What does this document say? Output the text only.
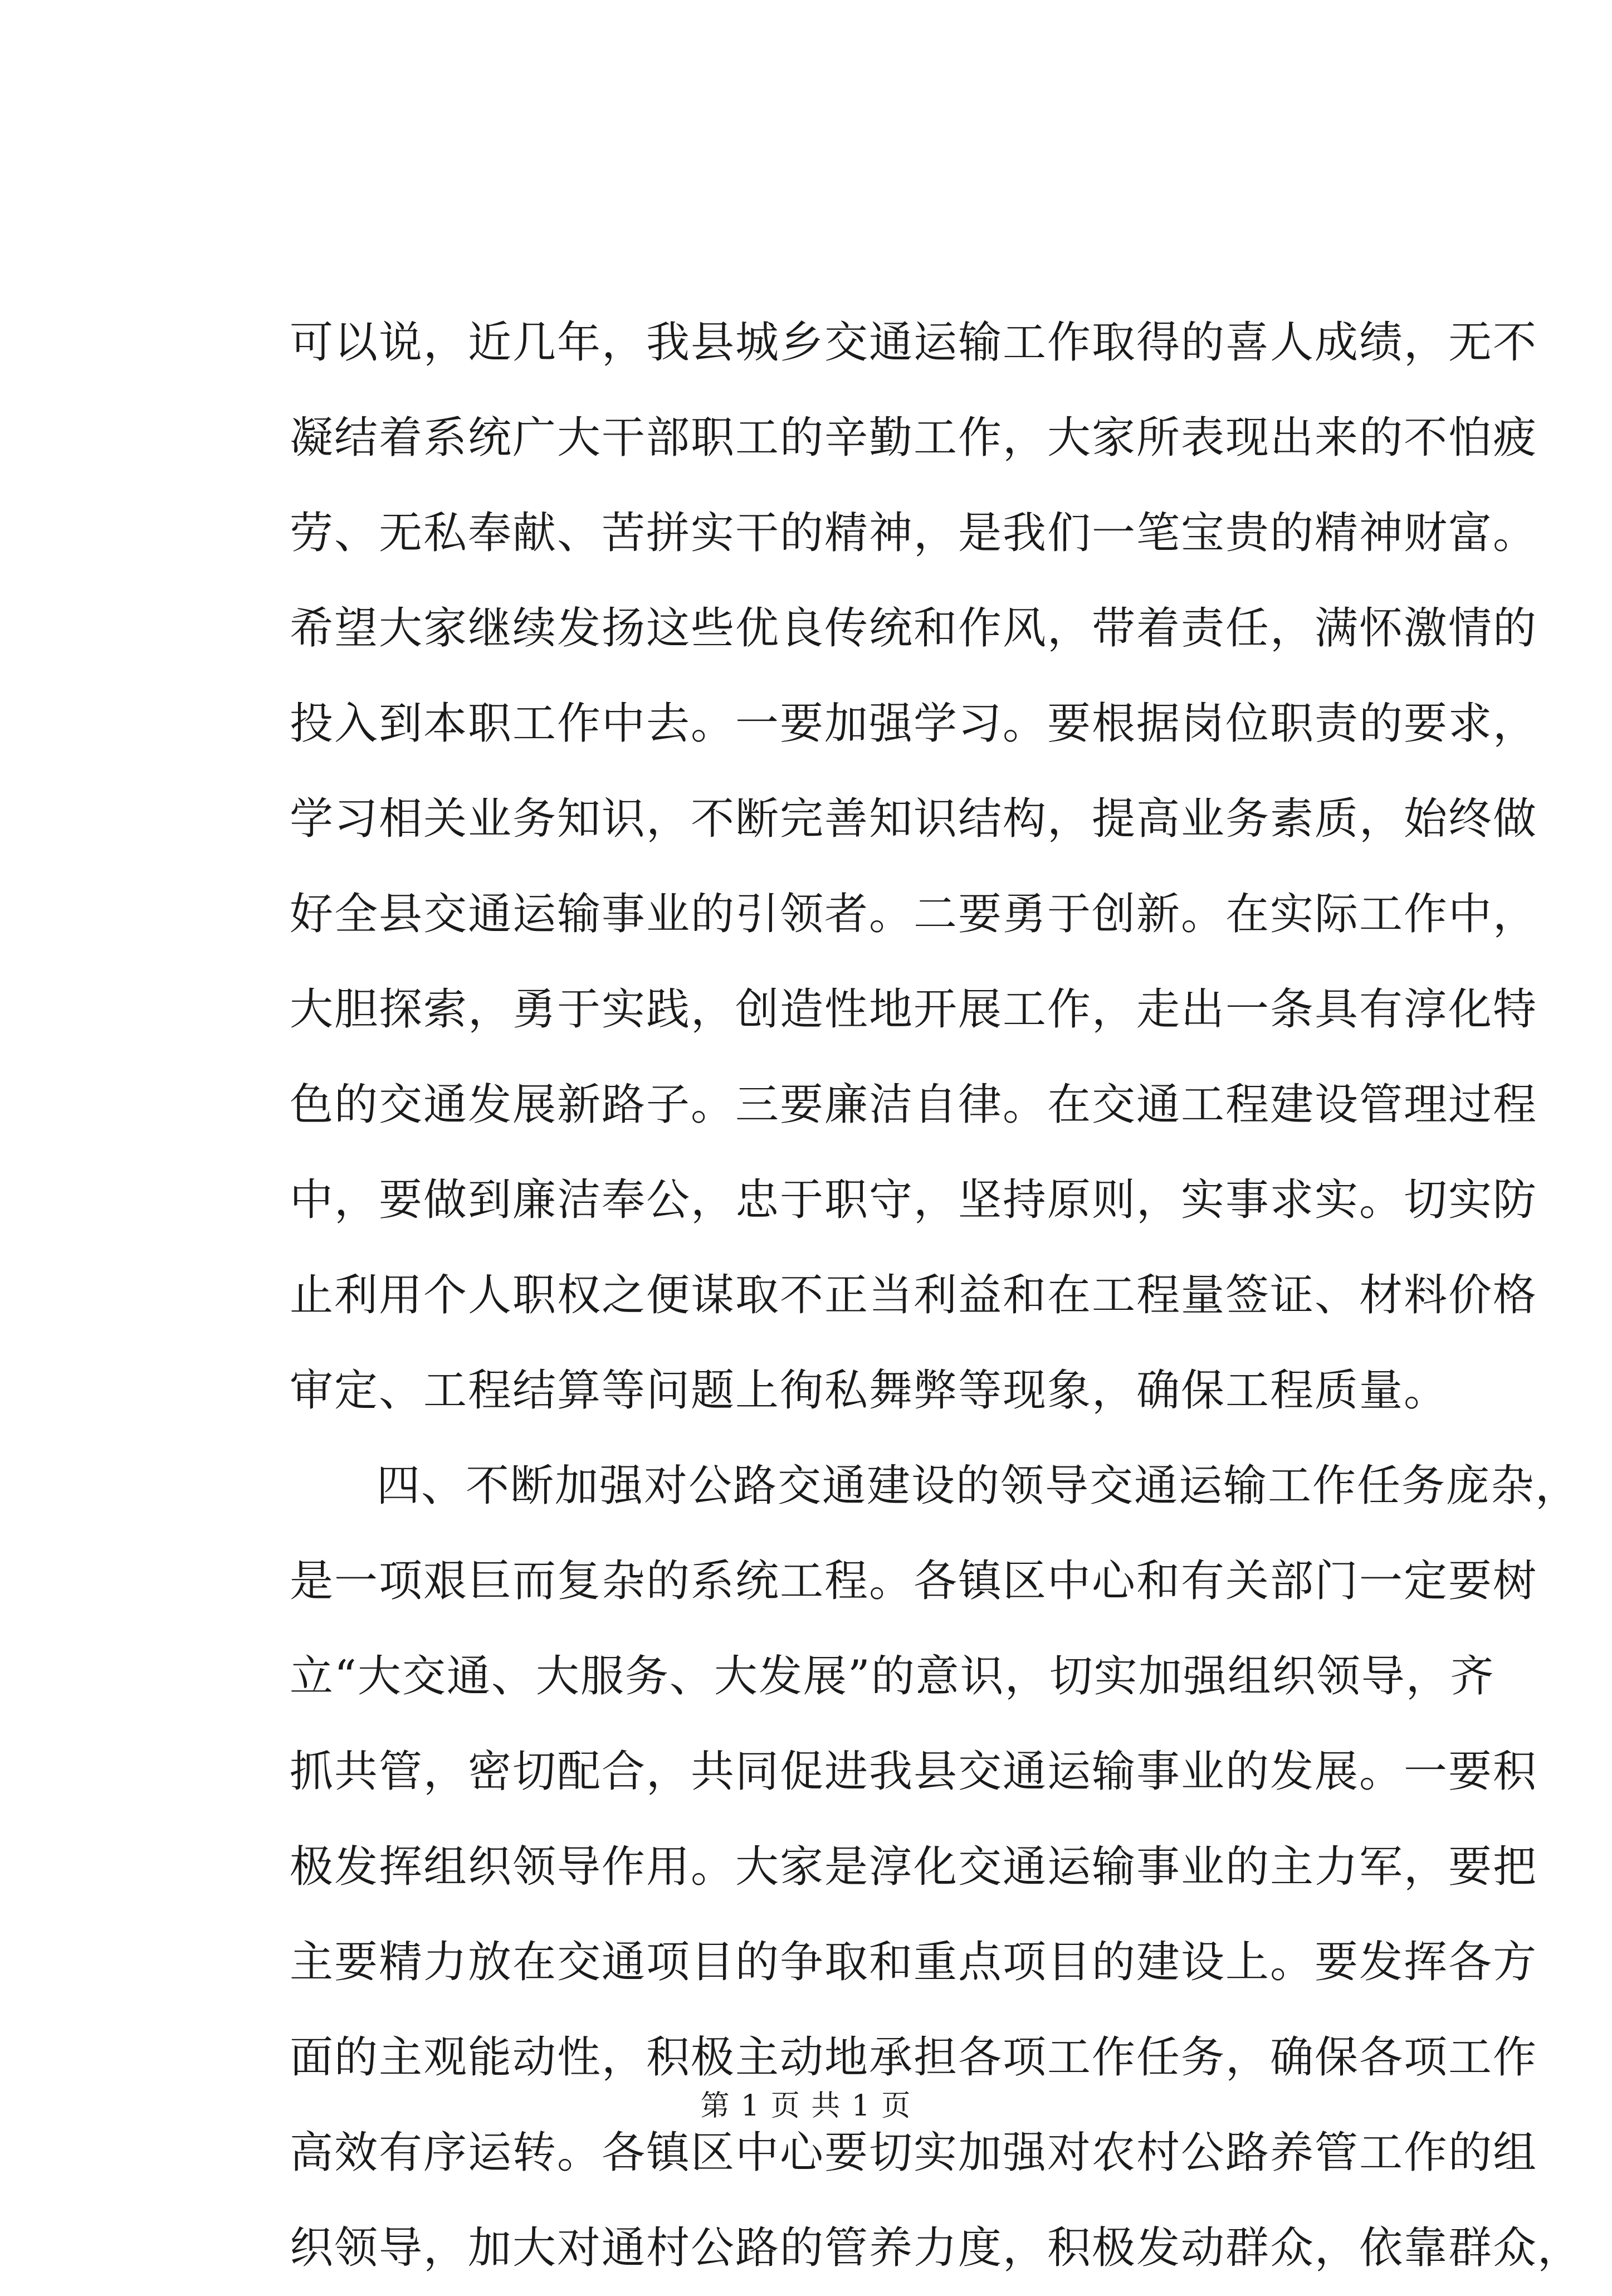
可以说，近几年，我县城乡交通运输工作取得的喜人成绩，无不
凝结着系统广大干部职工的辛勤工作，大家所表现出来的不怕疲
劳、无私奉献、苦拼实干的精神，是我们一笔宝贵的精神财富。
希望大家继续发扬这些优良传统和作风，带着责任，满怀激情的
投入到本职工作中去。一要加强学习。要根据岗位职责的要求，
学习相关业务知识，不断完善知识结构，提高业务素质，始终做
好全县交通运输事业的引领者。二要勇于创新。在实际工作中，
大胆探索，勇于实践，创造性地开展工作，走出一条具有淳化特
色的交通发展新路子。三要廉洁自律。在交通工程建设管理过程
中，要做到廉洁奉公，忠于职守，坚持原则，实事求实。切实防
止利用个人职权之便谋取不正当利益和在工程量签证、材料价格
审定、工程结算等问题上徇私舞弊等现象，确保工程质量。
四、不断加强对公路交通建设的领导交通运输工作任务庞杂，
是一项艰巨而复杂的系统工程。各镇区中心和有关部门一定要树
立“大交通、大服务、大发展”的意识，切实加强组织领导，齐
抓共管，密切配合，共同促进我县交通运输事业的发展。一要积
极发挥组织领导作用。大家是淳化交通运输事业的主力军，要把
主要精力放在交通项目的争取和重点项目的建设上。要发挥各方
面的主观能动性，积极主动地承担各项工作任务，确保各项工作
高效有序运转。各镇区中心要切实加强对农村公路养管工作的组
织领导，加大对通村公路的管养力度，积极发动群众，依靠群众，
第 1 页 共 1 页
